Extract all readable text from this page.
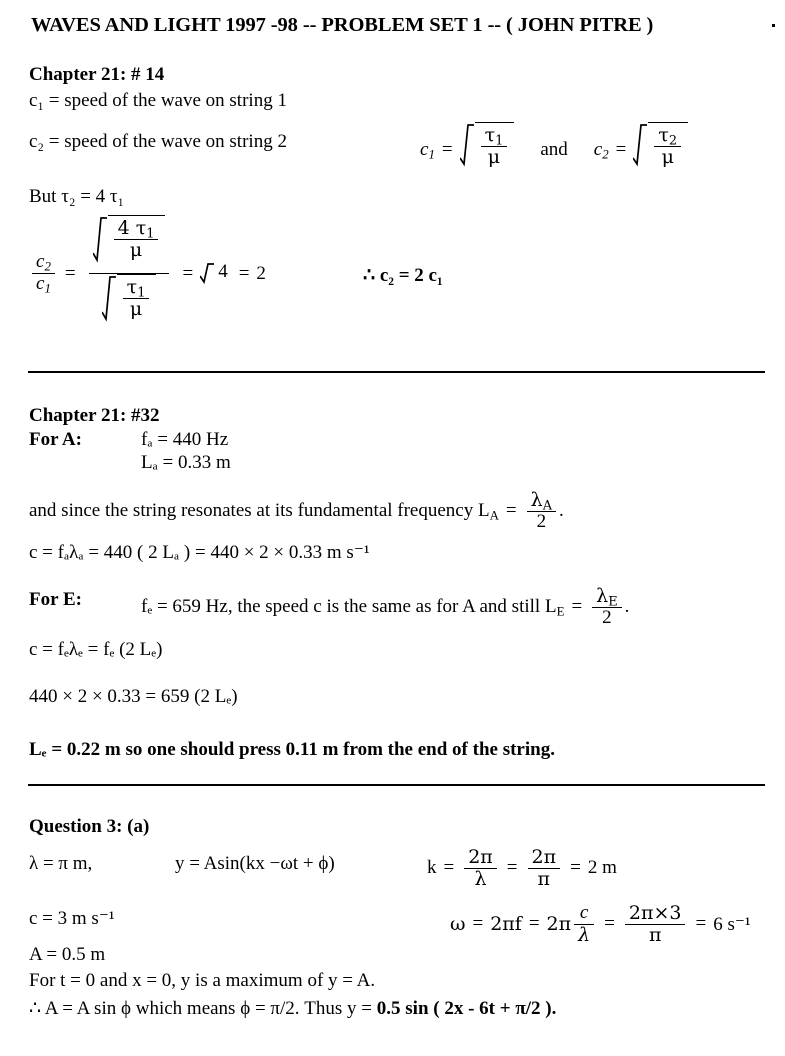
WAVES AND LIGHT 1997 -98 -- PROBLEM SET 1 -- ( JOHN PITRE )
Chapter 21: # 14
c₁ = speed of the wave on string 1
c₂ = speed of the wave on string 2	$c_1 = \frac{\tau_1}{\mu}$ and $c_2 = \frac{\tau_2}{\mu}$
But τ₂ = 4 τ₁
$\frac{c_2}{c_1} = \frac{\frac{4 \tau_1}{\mu}}{\frac{\tau_1}{\mu}}$ =	4 = 2	∴ c₂ = 2 c₁
Chapter 21: #32
For A:	fₐ = 440 Hz
Lₐ = 0.33 m
and since the string resonates at its fundamental frequency L $_A = \frac{\lambda_A}{2}$ .
c = fₐλₐ = 440 ( 2 Lₐ ) = 440 × 2 × 0.33 m s⁻¹
For E:	fₑ = 659 Hz, the speed c is the same as for A and still L $_E = \frac{\lambda_E}{2}$ .
c = fₑλₑ = fₑ (2 Lₑ)
440 × 2 × 0.33 = 659 (2 Lₑ)
Lₑ = 0.22 m so one should press 0.11 m from the end of the string.
Question 3: (a)
λ = π m,	y = Asin(kx −ωt + ϕ)	$k = \frac{2\pi}{\lambda} = \frac{2\pi}{\pi} = 2$ m
c = 3 m s⁻¹	$\omega = 2\pi f = 2\pi \frac{c}{\lambda} = \frac{2\pi\times 3}{\pi} = 6$ s⁻¹
A = 0.5 m
For t = 0 and x = 0, y is a maximum of y = A.
∴ A = A sin ϕ which means ϕ = π/2. Thus y = 0.5 sin ( 2x - 6t + π/2 ).
